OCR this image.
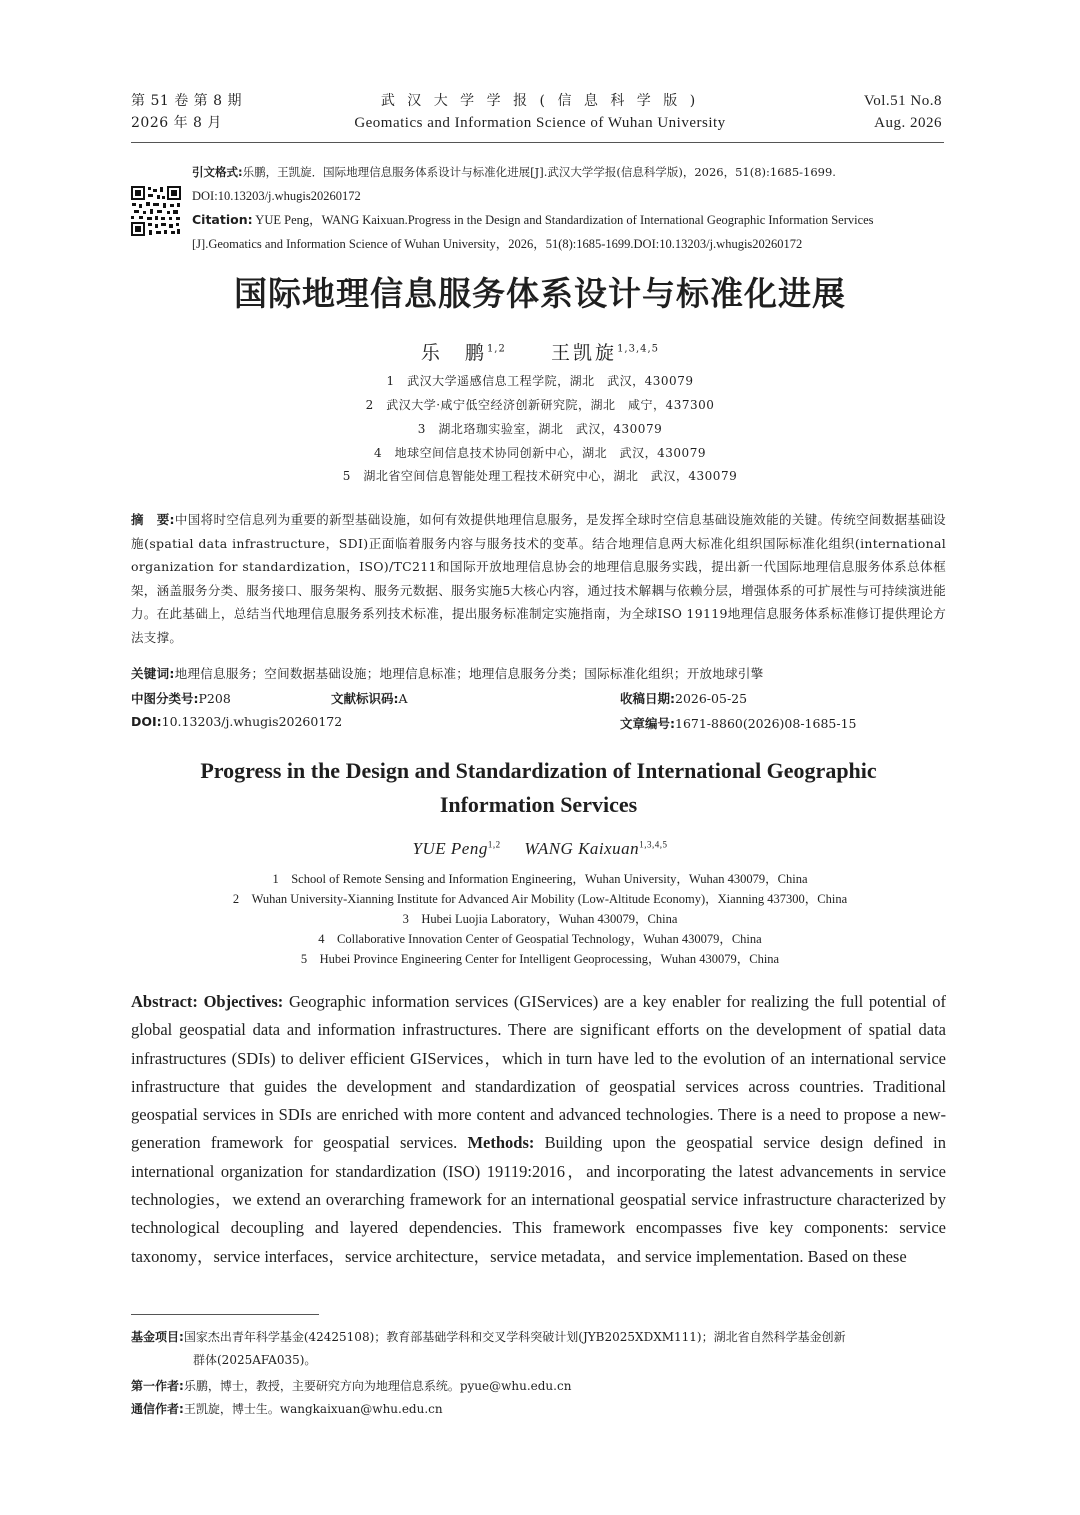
第 51 卷 第 8 期
2026 年 8 月
武 汉 大 学 学 报 ( 信 息 科 学 版 )
Geomatics and Information Science of Wuhan University
Vol.51 No.8
Aug. 2026
引文格式:乐鹏，王凯旋．国际地理信息服务体系设计与标准化进展[J].武汉大学学报(信息科学版)，2026，51(8):1685-1699.
DOI:10.13203/j.whugis20260172
Citation: YUE Peng，WANG Kaixuan.Progress in the Design and Standardization of International Geographic Information Services
[J].Geomatics and Information Science of Wuhan University，2026，51(8):1685-1699.DOI:10.13203/j.whugis20260172
国际地理信息服务体系设计与标准化进展
乐　鹏$^{1,2}$ 王凯旋$^{1,3,4,5}$
1　武汉大学遥感信息工程学院，湖北　武汉，430079
2　武汉大学·咸宁低空经济创新研究院，湖北　咸宁，437300
3　湖北珞珈实验室，湖北　武汉，430079
4　地球空间信息技术协同创新中心，湖北　武汉，430079
5　湖北省空间信息智能处理工程技术研究中心，湖北　武汉，430079
摘　要:中国将时空信息列为重要的新型基础设施，如何有效提供地理信息服务，是发挥全球时空信息基础设施效能的关键。传统空间数据基础设施(spatial data infrastructure，SDI)正面临着服务内容与服务技术的变革。结合地理信息两大标准化组织国际标准化组织(international organization for standardization，ISO)/TC211和国际开放地理信息协会的地理信息服务实践，提出新一代国际地理信息服务体系总体框架，涵盖服务分类、服务接口、服务架构、服务元数据、服务实施5大核心内容，通过技术解耦与依赖分层，增强体系的可扩展性与可持续演进能力。在此基础上，总结当代地理信息服务系列技术标准，提出服务标准制定实施指南，为全球ISO 19119地理信息服务体系标准修订提供理论方法支撑。
关键词:地理信息服务；空间数据基础设施；地理信息标准；地理信息服务分类；国际标准化组织；开放地球引擎
中图分类号:P208	文献标识码:A	收稿日期:2026-05-25
DOI:10.13203/j.whugis20260172	文章编号:1671-8860(2026)08-1685-15
Progress in the Design and Standardization of International Geographic
Information Services
YUE Peng$^{1,2}$ WANG Kaixuan$^{1,3,4,5}$
1　School of Remote Sensing and Information Engineering，Wuhan University，Wuhan 430079，China
2　Wuhan University-Xianning Institute for Advanced Air Mobility (Low-Altitude Economy)，Xianning 437300，China
3　Hubei Luojia Laboratory，Wuhan 430079，China
4　Collaborative Innovation Center of Geospatial Technology，Wuhan 430079，China
5　Hubei Province Engineering Center for Intelligent Geoprocessing，Wuhan 430079，China
Abstract: Objectives: Geographic information services (GIServices) are a key enabler for realizing the full potential of global geospatial data and information infrastructures. There are significant efforts on the development of spatial data infrastructures (SDIs) to deliver efficient GIServices，which in turn have led to the evolution of an international service infrastructure that guides the development and standardization of geospatial services across countries. Traditional geospatial services in SDIs are enriched with more content and advanced technologies. There is a need to propose a new-generation framework for geospatial services. Methods: Building upon the geospatial service design defined in international organization for standardization (ISO) 19119:2016，and incorporating the latest advancements in service technologies，we extend an overarching framework for an international geospatial service infrastructure characterized by technological decoupling and layered dependencies. This framework encompasses five key components: service taxonomy，service interfaces，service architecture，service metadata，and service implementation. Based on these
基金项目:国家杰出青年科学基金(42425108)；教育部基础学科和交叉学科突破计划(JYB2025XDXM111)；湖北省自然科学基金创新
群体(2025AFA035)。
第一作者:乐鹏，博士，教授，主要研究方向为地理信息系统。pyue@whu.edu.cn
通信作者:王凯旋，博士生。wangkaixuan@whu.edu.cn
